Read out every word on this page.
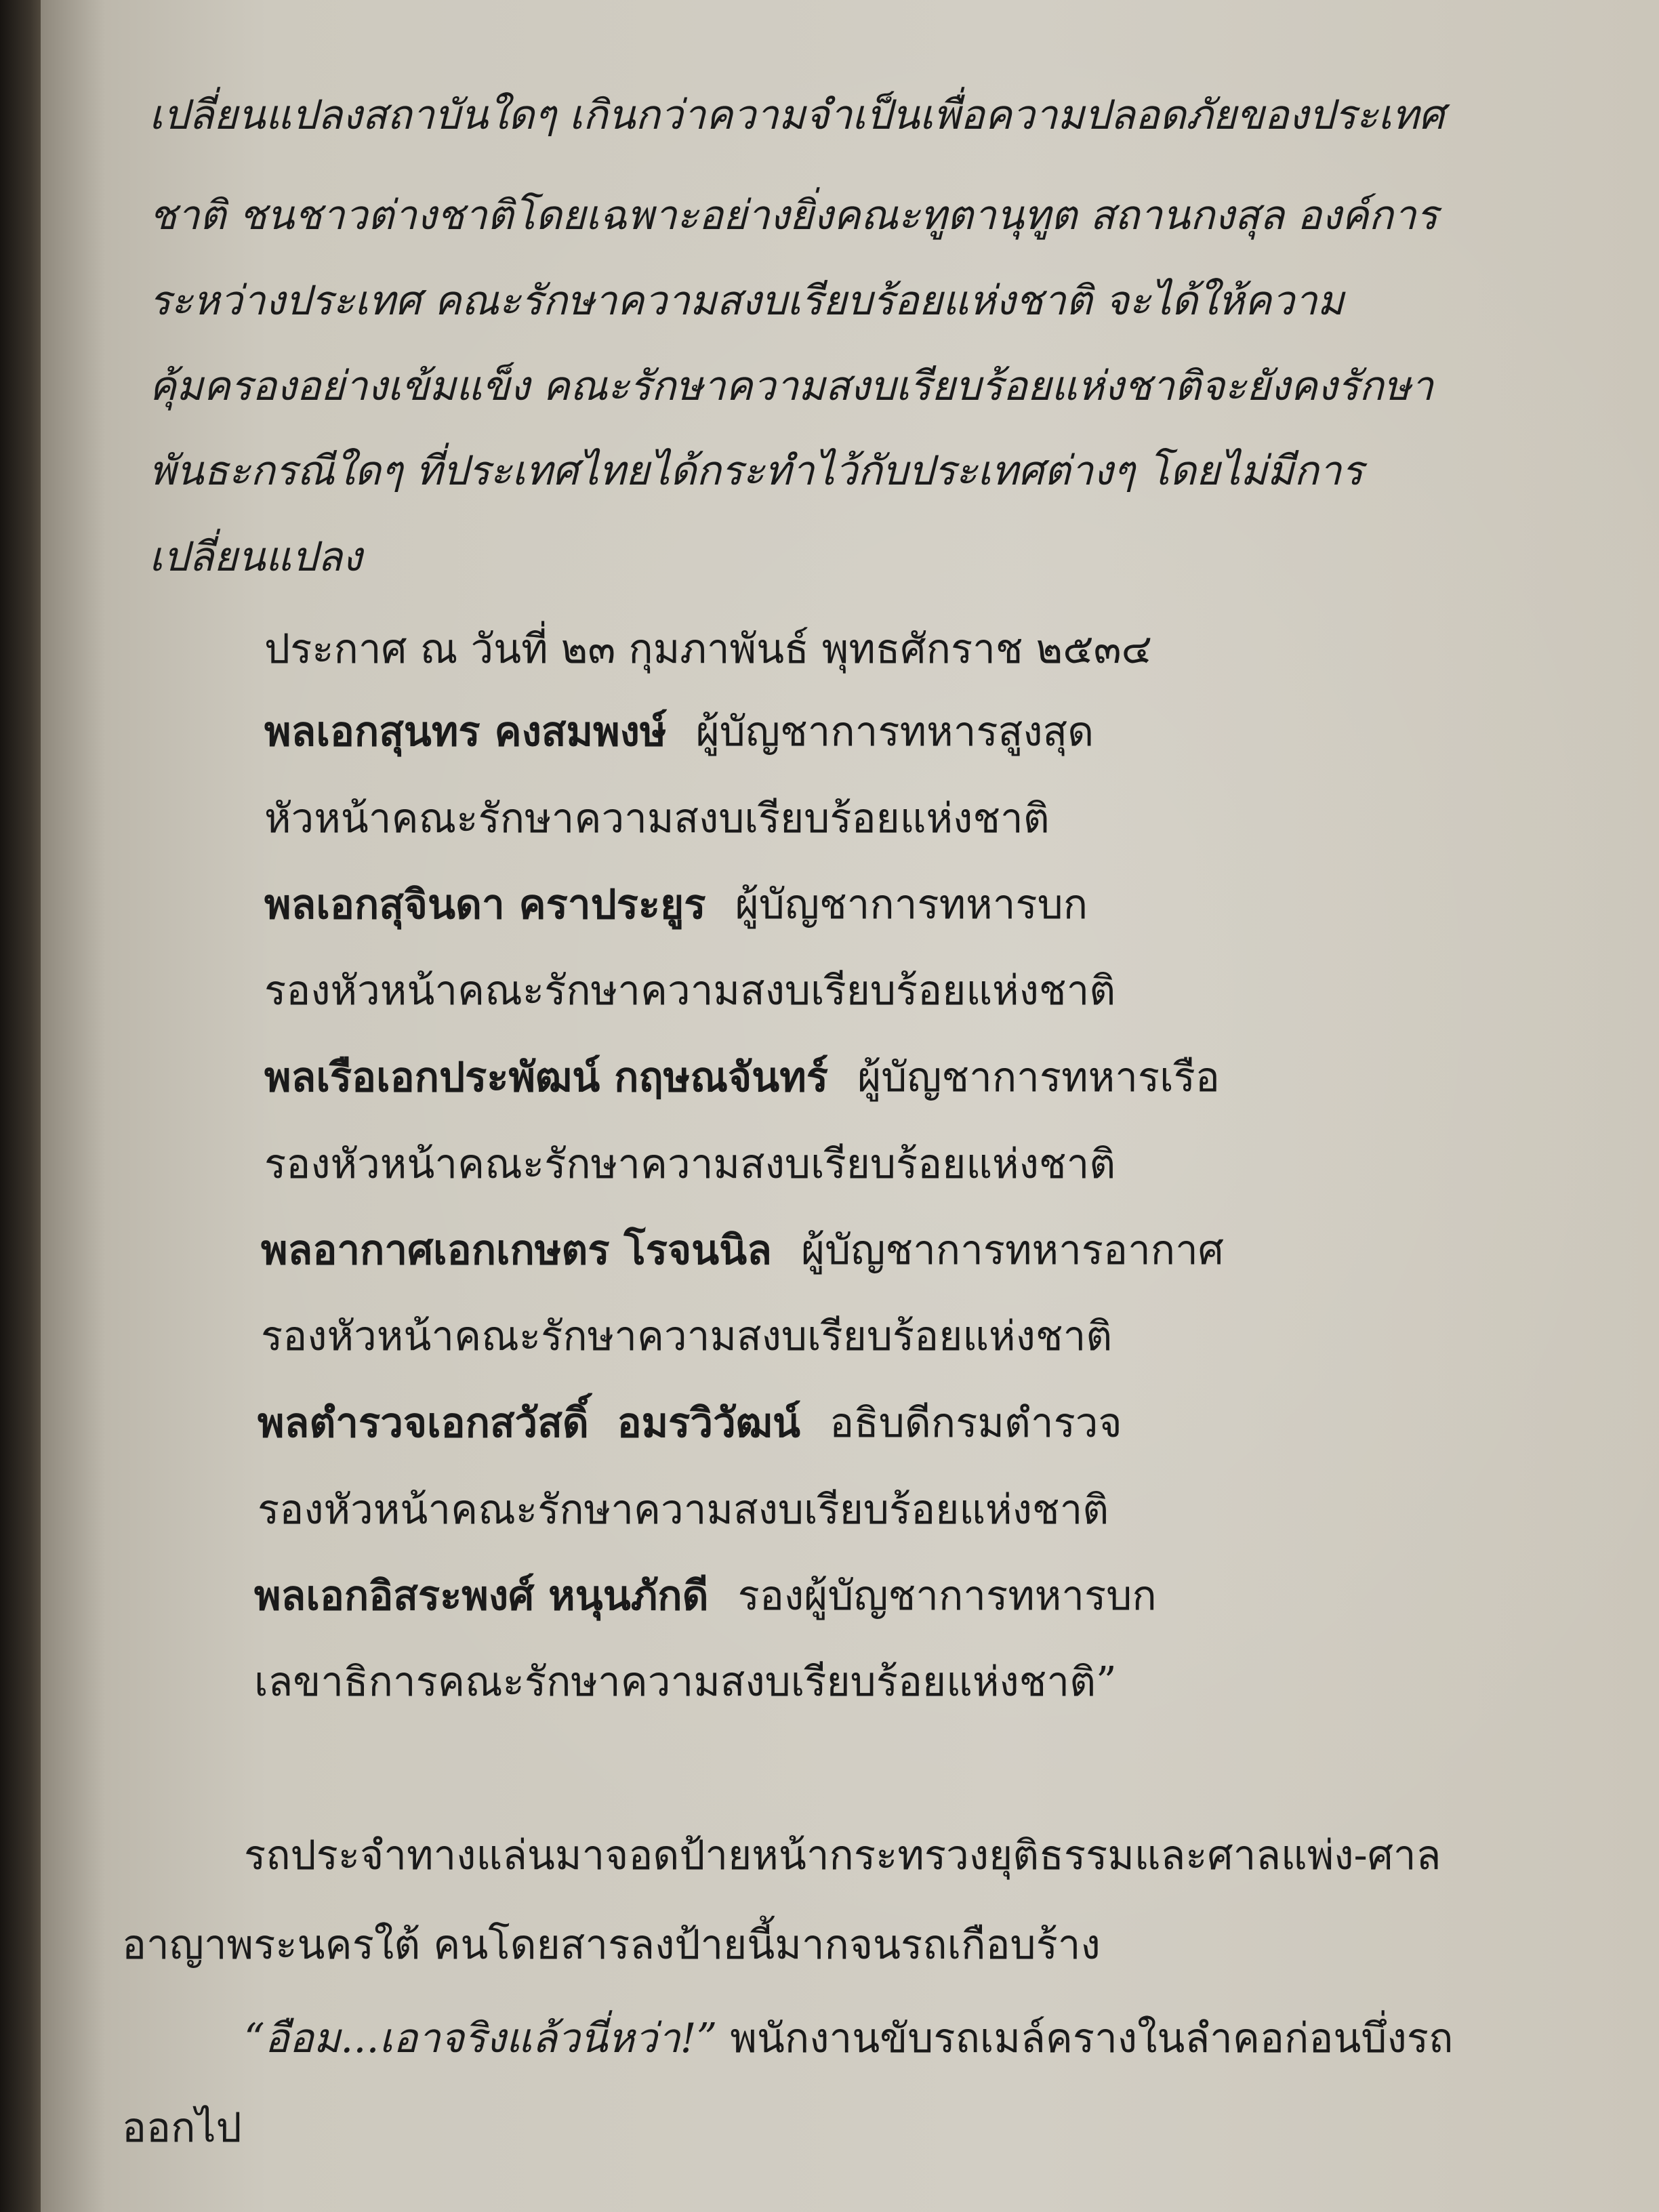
เปลี่ยนแปลงสถาบันใดๆ เกินกว่าความจำเป็นเพื่อความปลอดภัยของประเทศ
ชาติ ชนชาวต่างชาติโดยเฉพาะอย่างยิ่งคณะทูตานุทูต สถานกงสุล องค์การ
ระหว่างประเทศ คณะรักษาความสงบเรียบร้อยแห่งชาติ จะได้ให้ความ
คุ้มครองอย่างเข้มแข็ง คณะรักษาความสงบเรียบร้อยแห่งชาติจะยังคงรักษา
พันธะกรณีใดๆ ที่ประเทศไทยได้กระทำไว้กับประเทศต่างๆ โดยไม่มีการ
เปลี่ยนแปลง
ประกาศ ณ วันที่ ๒๓ กุมภาพันธ์ พุทธศักราช ๒๕๓๔
พลเอกสุนทร คงสมพงษ์ ผู้บัญชาการทหารสูงสุด
หัวหน้าคณะรักษาความสงบเรียบร้อยแห่งชาติ
พลเอกสุจินดา คราประยูร ผู้บัญชาการทหารบก
รองหัวหน้าคณะรักษาความสงบเรียบร้อยแห่งชาติ
พลเรือเอกประพัฒน์ กฤษณจันทร์ ผู้บัญชาการทหารเรือ
รองหัวหน้าคณะรักษาความสงบเรียบร้อยแห่งชาติ
พลอากาศเอกเกษตร โรจนนิล ผู้บัญชาการทหารอากาศ
รองหัวหน้าคณะรักษาความสงบเรียบร้อยแห่งชาติ
พลตำรวจเอกสวัสดิ์  อมรวิวัฒน์ อธิบดีกรมตำรวจ
รองหัวหน้าคณะรักษาความสงบเรียบร้อยแห่งชาติ
พลเอกอิสระพงศ์ หนุนภักดี รองผู้บัญชาการทหารบก
เลขาธิการคณะรักษาความสงบเรียบร้อยแห่งชาติ”
รถประจำทางแล่นมาจอดป้ายหน้ากระทรวงยุติธรรมและศาลแพ่ง-ศาล
อาญาพระนครใต้ คนโดยสารลงป้ายนี้มากจนรถเกือบร้าง
“อือม...เอาจริงแล้วนี่หว่า!” พนักงานขับรถเมล์ครางในลำคอก่อนบึ่งรถ
ออกไป
